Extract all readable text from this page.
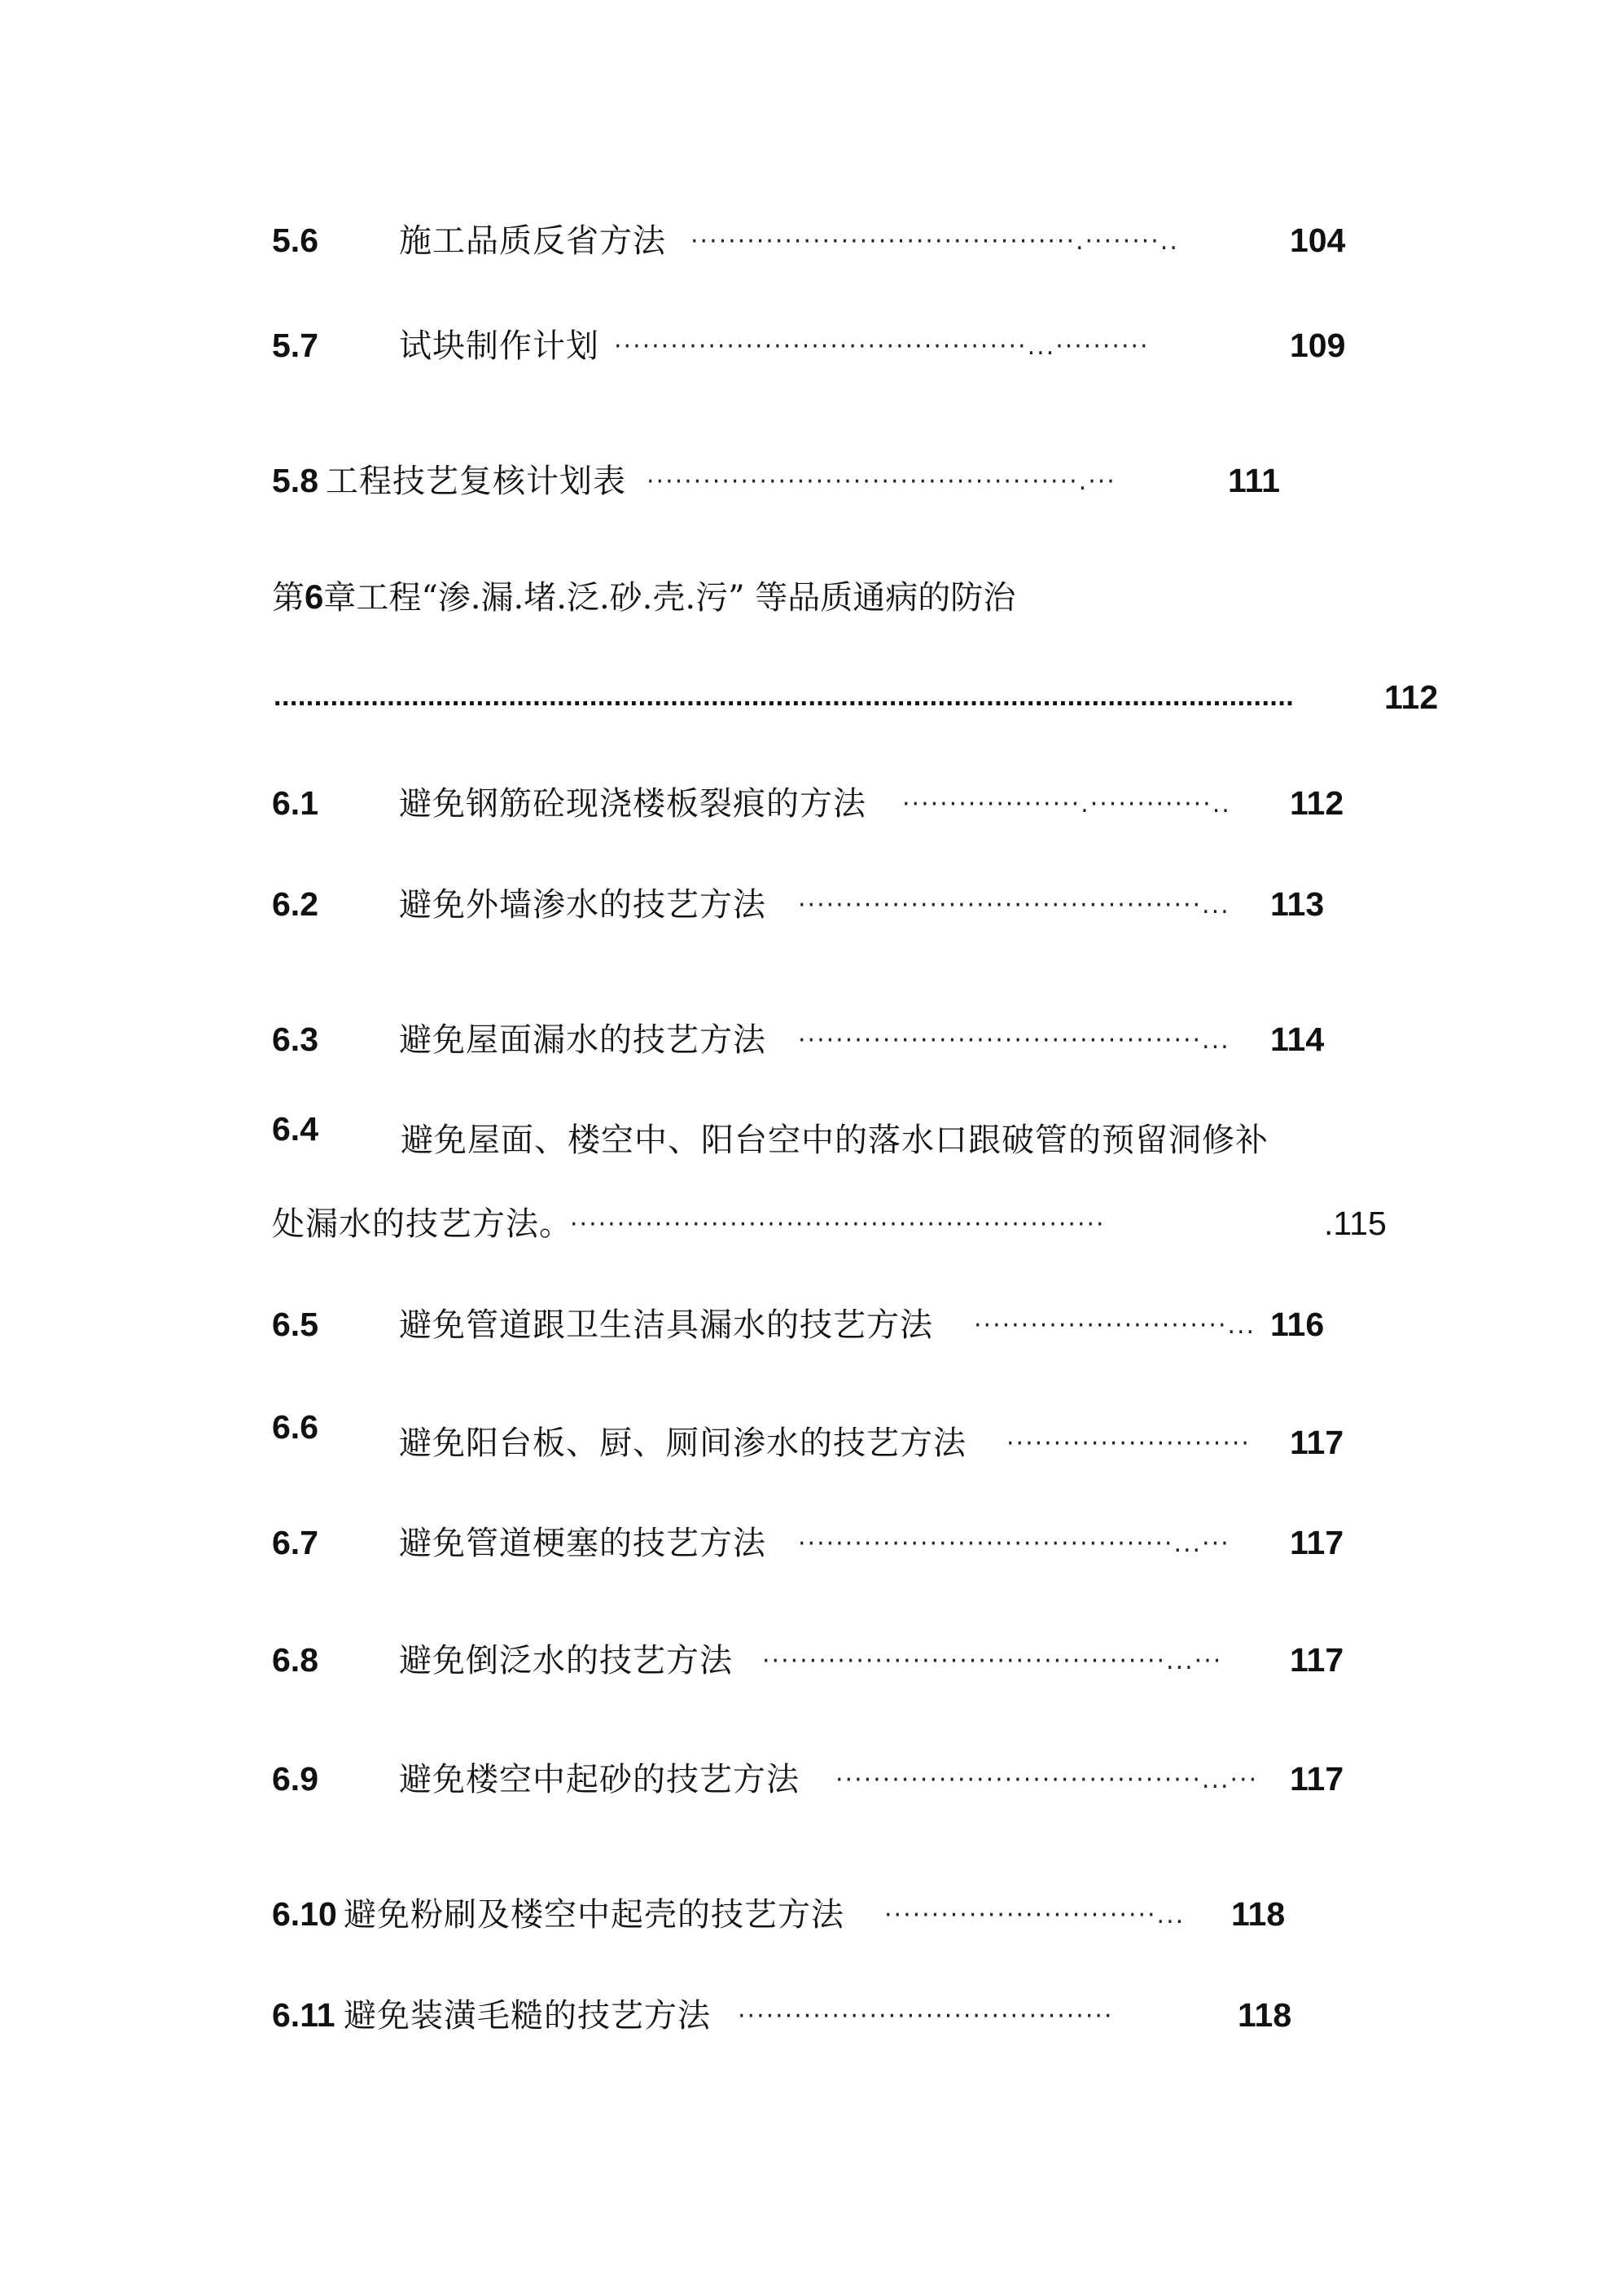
5.6 施工品质反省方法 ·········································.········..	104
5.7 试块制作计划 ············································...··········	109
5.8 工程技艺复核计划表 ··············································.···	111
第6章工程“渗.漏.堵.泛.砂.壳.污” 等品质通病的防治
..............................................................................................................................	112
6.1 避免钢筋砼现浇楼板裂痕的方法 ···················.·············..	112
6.2 避免外墙渗水的技艺方法 ···········································...	113
6.3 避免屋面漏水的技艺方法 ···········································...	114
6.4	避免屋面、楼空中、阳台空中的落水口跟破管的预留洞修补
处漏水的技艺方法。
·························································	.115
6.5 避免管道跟卫生洁具漏水的技艺方法 ···························... 116
6.6 避免阳台板、厨、厕间渗水的技艺方法 ··························	117
6.7 避免管道梗塞的技艺方法 ········································...···	117
6.8 避免倒泛水的技艺方法 ···········································...···	117
6.9 避免楼空中起砂的技艺方法 ·······································...··· 117
6.10 避免粉刷及楼空中起壳的技艺方法 ·····························...	118
6.11 避免装潢毛糙的技艺方法 ········································	118
